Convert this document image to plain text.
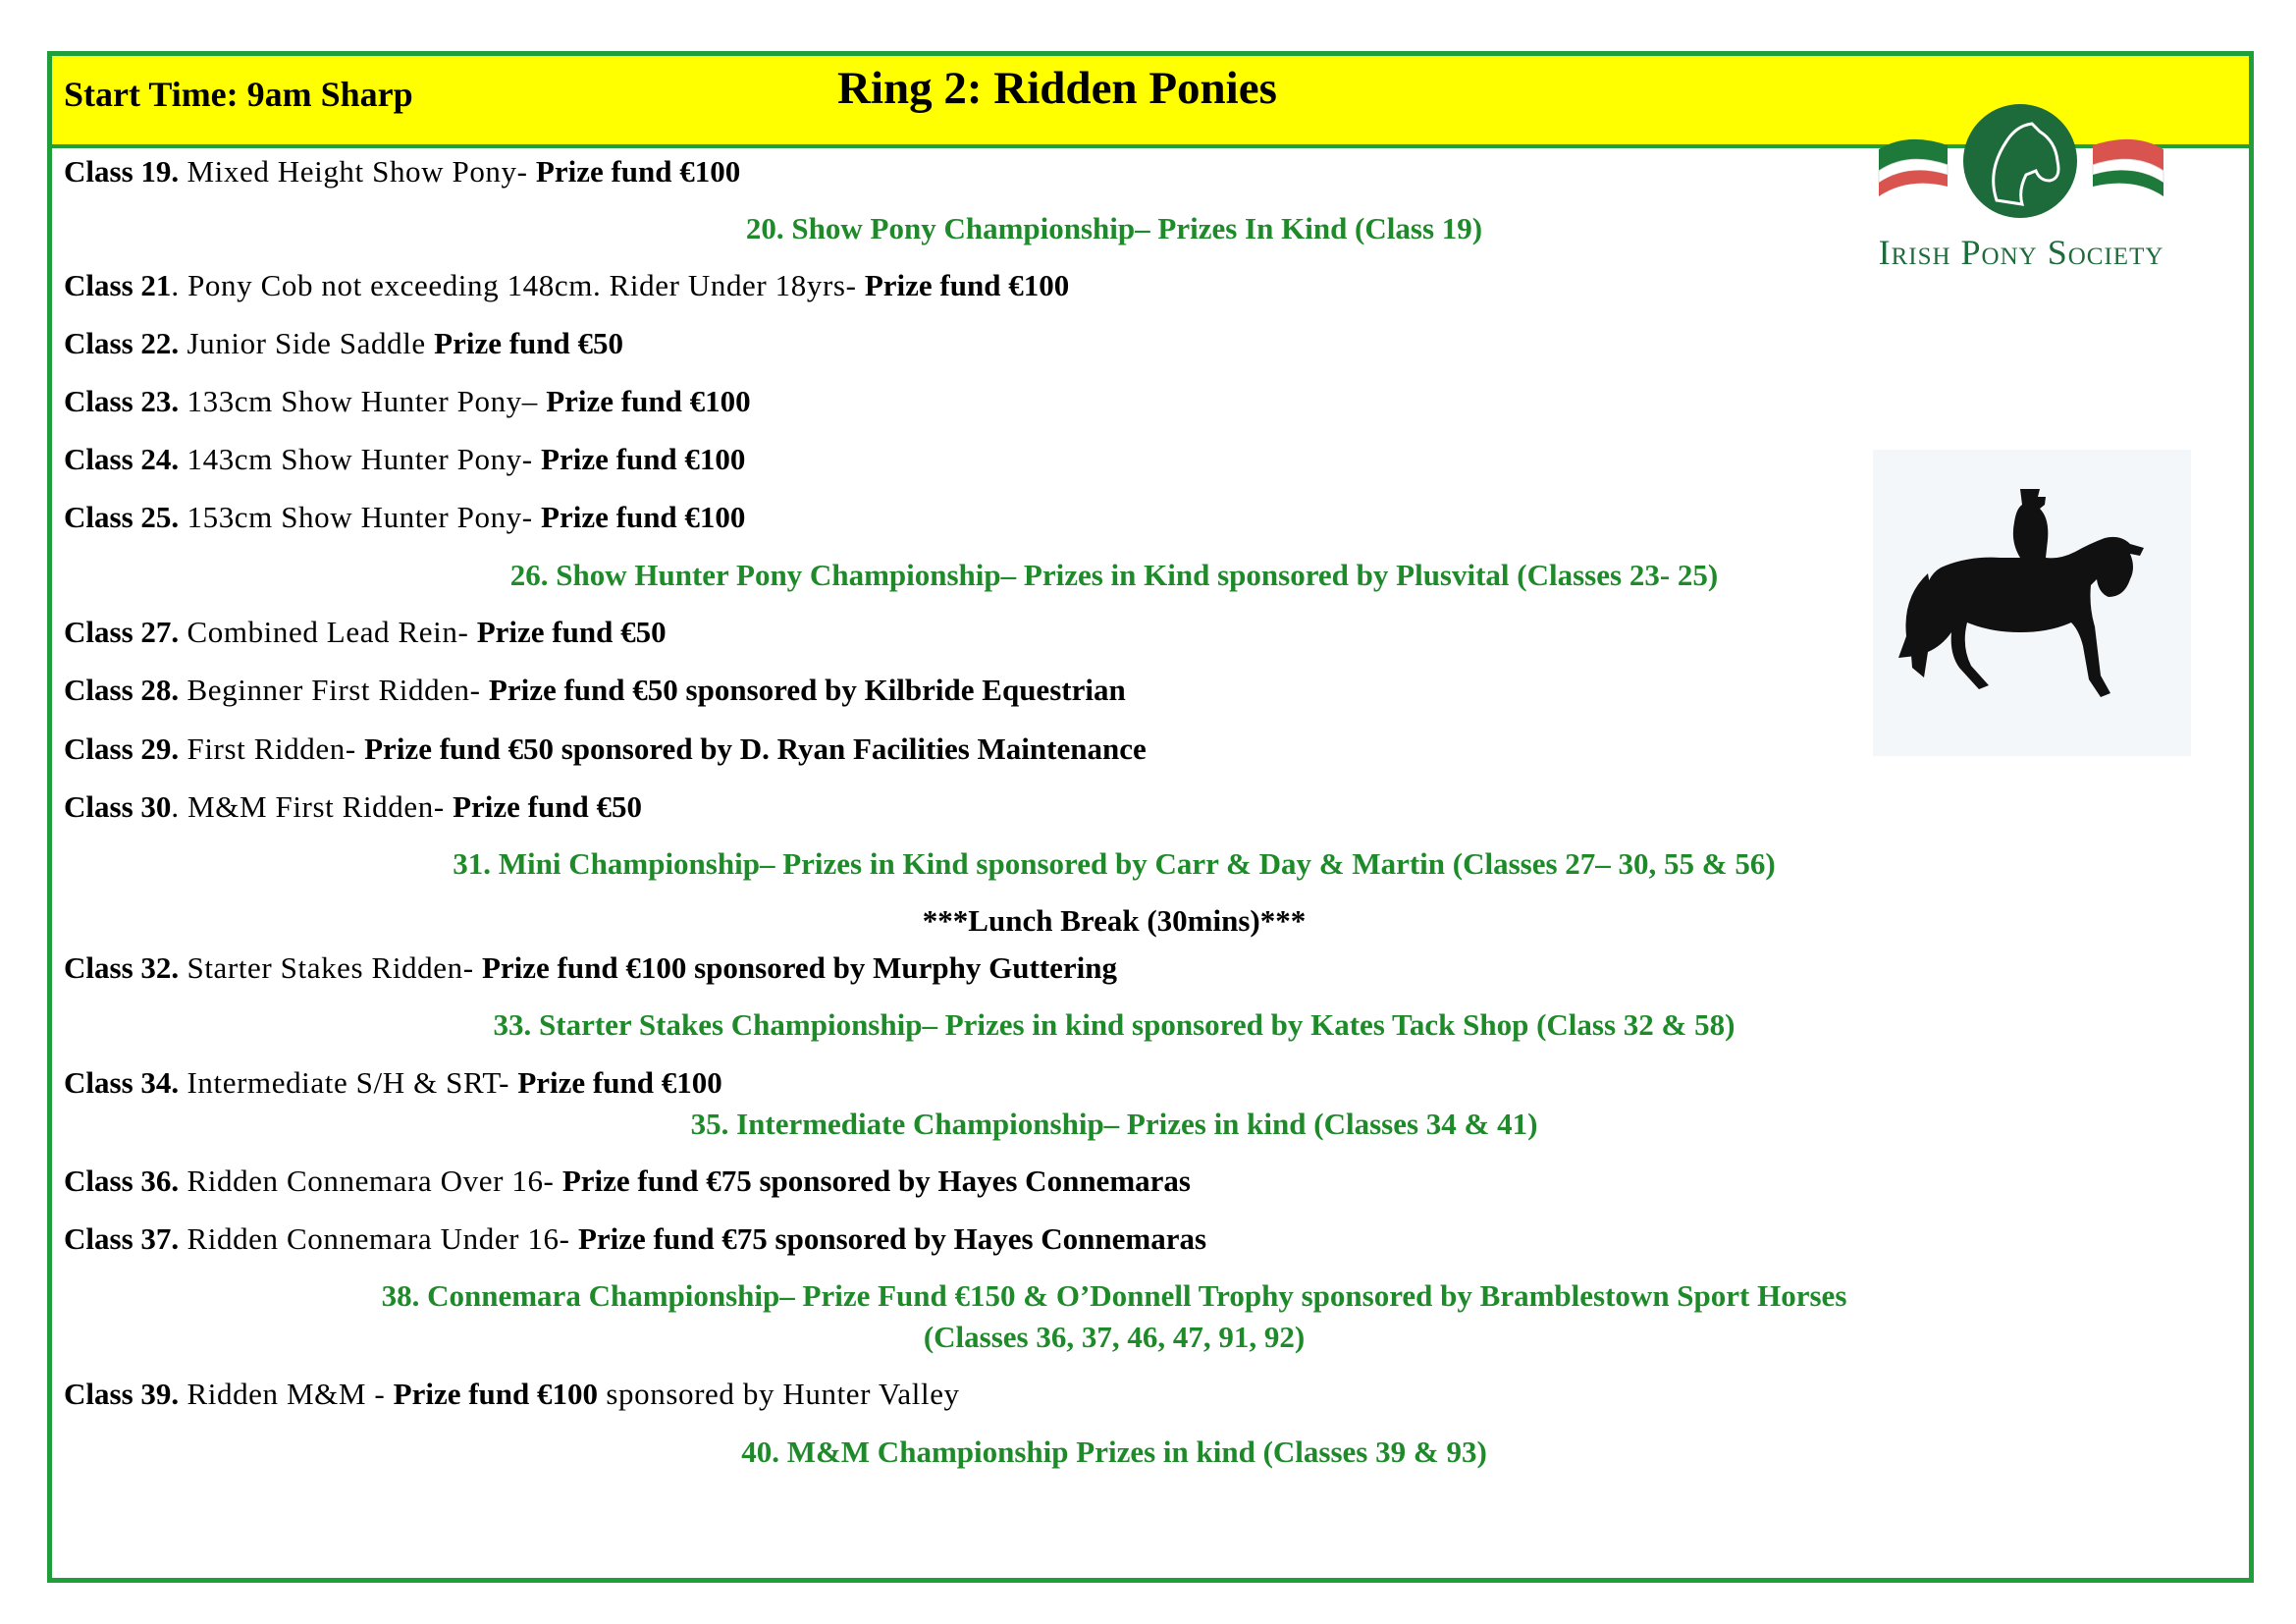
Start Time: 9am Sharp	Ring 2: Ridden Ponies
Class 19. Mixed Height Show Pony- Prize fund €100
20. Show Pony Championship– Prizes In Kind (Class 19)
Class 21. Pony Cob not exceeding 148cm. Rider Under 18yrs- Prize fund €100
Class 22. Junior Side Saddle Prize fund €50
Class 23. 133cm Show Hunter Pony– Prize fund €100
Class 24. 143cm Show Hunter Pony- Prize fund €100
Class 25. 153cm Show Hunter Pony- Prize fund €100
26. Show Hunter Pony Championship– Prizes in Kind sponsored by Plusvital (Classes 23- 25)
Class 27. Combined Lead Rein- Prize fund €50
Class 28. Beginner First Ridden- Prize fund €50 sponsored by Kilbride Equestrian
Class 29. First Ridden- Prize fund €50 sponsored by D. Ryan Facilities Maintenance
Class 30. M&M First Ridden- Prize fund €50
31. Mini Championship– Prizes in Kind sponsored by Carr & Day & Martin (Classes 27– 30, 55 & 56)
***Lunch Break (30mins)***
Class 32. Starter Stakes Ridden- Prize fund €100 sponsored by Murphy Guttering
33. Starter Stakes Championship– Prizes in kind sponsored by Kates Tack Shop (Class 32 & 58)
Class 34. Intermediate S/H & SRT- Prize fund €100
35. Intermediate Championship– Prizes in kind (Classes 34 & 41)
Class 36. Ridden Connemara Over 16- Prize fund €75 sponsored by Hayes Connemaras
Class 37. Ridden Connemara Under 16- Prize fund €75 sponsored by Hayes Connemaras
38. Connemara Championship– Prize Fund €150 & O’Donnell Trophy sponsored by Bramblestown Sport Horses
(Classes 36, 37, 46, 47, 91, 92)
Class 39. Ridden M&M - Prize fund €100 sponsored by Hunter Valley
40. M&M Championship Prizes in kind (Classes 39 & 93)
Irish Pony Society
